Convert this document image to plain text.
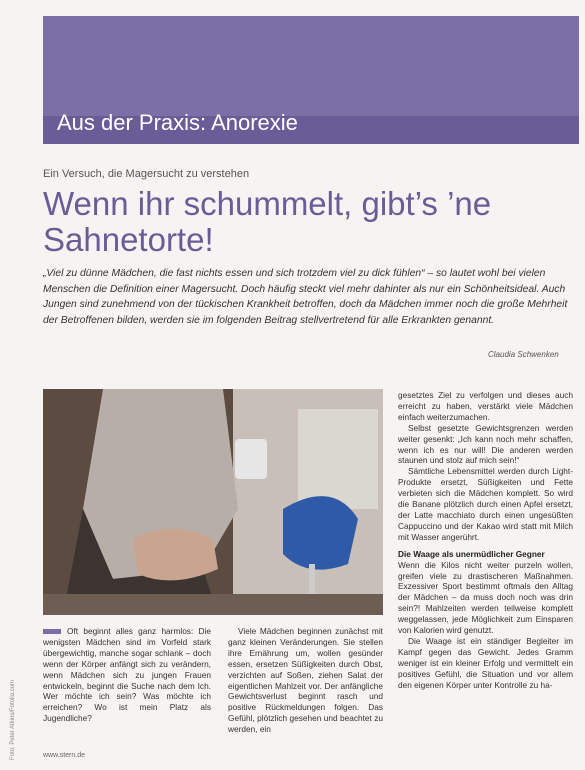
Aus der Praxis: Anorexie
Ein Versuch, die Magersucht zu verstehen
Wenn ihr schummelt, gibt’s ’ne Sahnetorte!

„Viel zu dünne Mädchen, die fast nichts essen und sich trotzdem viel zu dick fühlen“ – so lautet wohl bei vielen Menschen die Definition einer Magersucht. Doch häufig steckt viel mehr dahinter als nur ein Schönheitsideal. Auch Jungen sind zunehmend von der tückischen Krankheit betroffen, doch da Mädchen immer noch die große Mehrheit der Betroffenen bilden, werden sie im folgenden Beitrag stellvertretend für alle Erkrankten genannt.

Claudia Schwenken

Oft beginnt alles ganz harmlos: Die wenigsten Mädchen sind im Vorfeld stark übergewichtig, manche sogar schlank – doch wenn der Körper anfängt sich zu verändern, wenn Mädchen sich zu jungen Frauen entwickeln, beginnt die Suche nach dem Ich. Wer möchte ich sein? Was möchte ich erreichen? Wo ist mein Platz als Jugendliche?

Viele Mädchen beginnen zunächst mit ganz kleinen Veränderungen. Sie stellen ihre Ernährung um, wollen gesünder essen, ersetzen Süßigkeiten durch Obst, verzichten auf Soßen, ziehen Salat der eigentlichen Mahlzeit vor. Der anfängliche Gewichtsverlust beginnt rasch und positive Rückmeldungen folgen. Das Gefühl, plötzlich gesehen und beachtet zu werden, ein

gesetztes Ziel zu verfolgen und dieses auch erreicht zu haben, verstärkt viele Mädchen einfach weiterzumachen.

Selbst gesetzte Gewichtsgrenzen werden weiter gesenkt: „Ich kann noch mehr schaffen, wenn ich es nur will! Die anderen werden staunen und stolz auf mich sein!“

Sämtliche Lebensmittel werden durch Light-Produkte ersetzt, Süßigkeiten und Fette verbieten sich die Mädchen komplett. So wird die Banane plötzlich durch einen Apfel ersetzt, der Latte macchiato durch einen ungesüßten Cappuccino und der Kakao wird statt mit Milch mit Wasser angerührt.

Die Waage als unermüdlicher Gegner

Wenn die Kilos nicht weiter purzeln wollen, greifen viele zu drastischeren Maßnahmen. Exzessiver Sport bestimmt oftmals den Alltag der Mädchen – da muss doch noch was drin sein?! Mahlzeiten werden teilweise komplett weggelassen, jede Möglichkeit zum Einsparen von Kalorien wird genutzt.

Die Waage ist ein ständiger Begleiter im Kampf gegen das Gewicht. Jedes Gramm weniger ist ein kleiner Erfolg und vermittelt ein positives Gefühl, die Situation und vor allem den eigenen Körper unter Kontrolle zu ha-

Foto: Peter Atkins/Fotolia.com	www.stern.de
